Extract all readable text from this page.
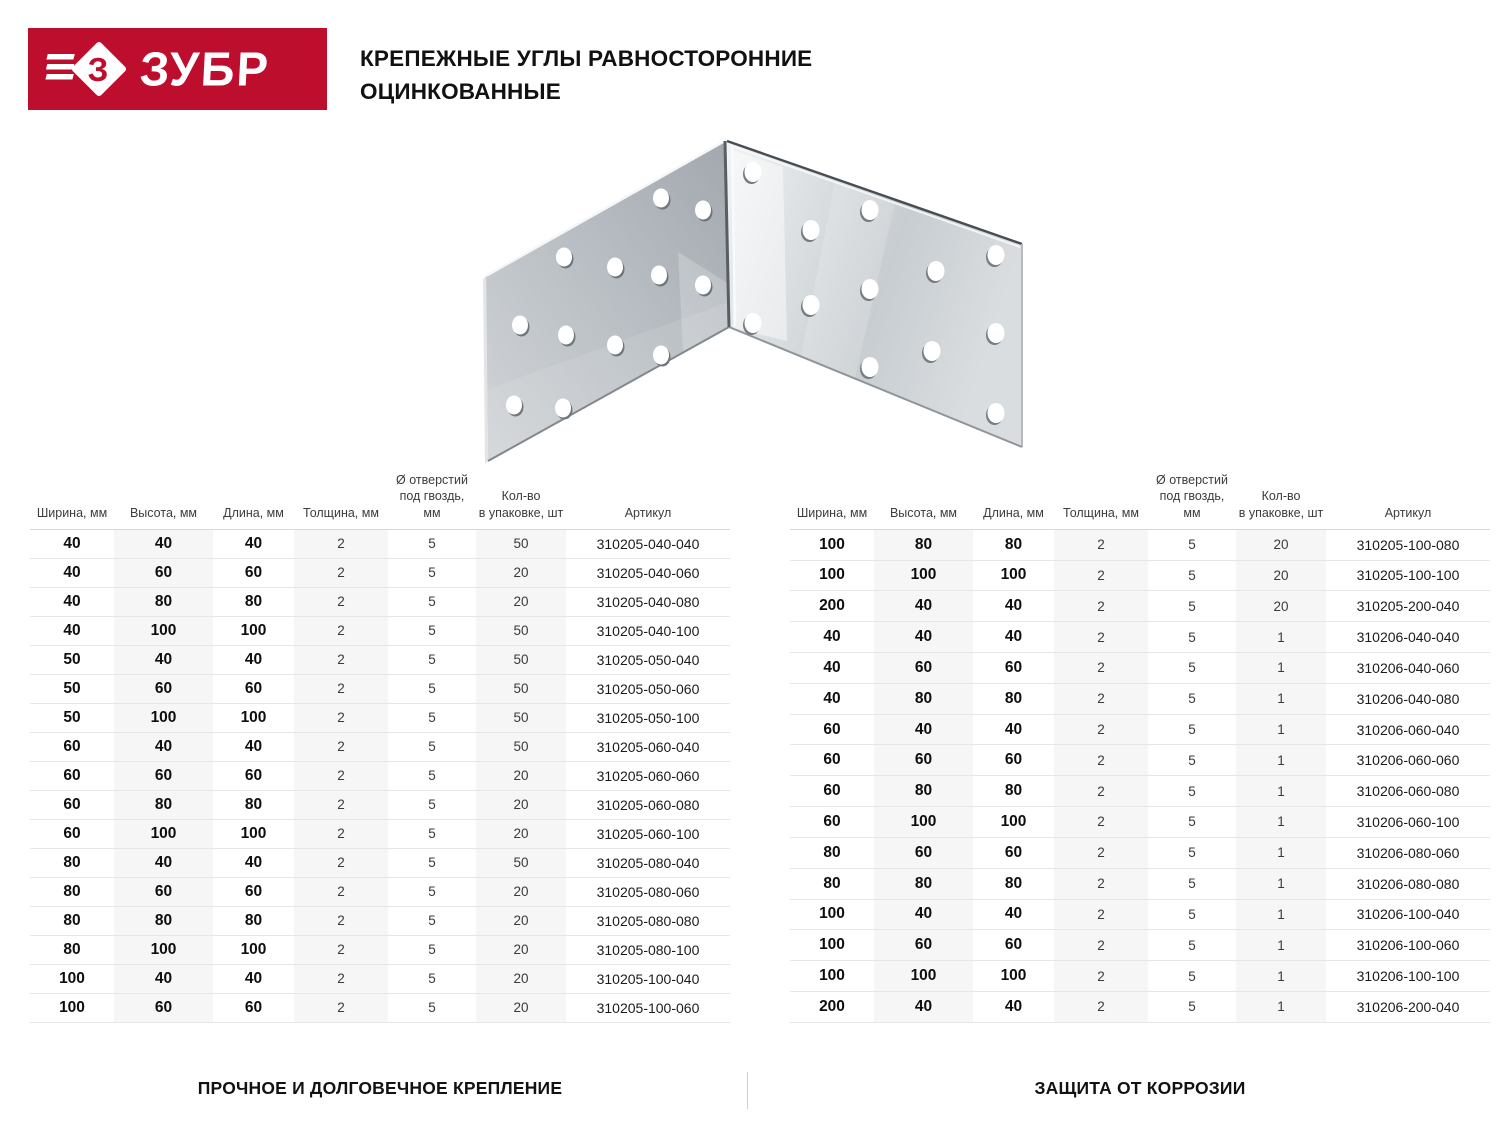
З ЗУБР	КРЕПЕЖНЫЕ УГЛЫ РАВНОСТОРОННИЕ
ОЦИНКОВАННЫЕ
Ширина, мм	Высота, мм	Длина, мм	Толщина, мм

Ø отверстий
под гвоздь, мм

Кол-во
в упаковке, шт	Артикул

40	40	40	2	5	50	310205-040-040
40	60	60	2	5	20	310205-040-060
40	80	80	2	5	20	310205-040-080
40	100	100	2	5	50	310205-040-100
50	40	40	2	5	50	310205-050-040
50	60	60	2	5	50	310205-050-060
50	100	100	2	5	50	310205-050-100
60	40	40	2	5	50	310205-060-040
60	60	60	2	5	20	310205-060-060
60	80	80	2	5	20	310205-060-080
60	100	100	2	5	20	310205-060-100
80	40	40	2	5	50	310205-080-040
80	60	60	2	5	20	310205-080-060
80	80	80	2	5	20	310205-080-080
80	100	100	2	5	20	310205-080-100
100	40	40	2	5	20	310205-100-040
100	60	60	2	5	20	310205-100-060
Ширина, мм	Высота, мм	Длина, мм	Толщина, мм

Ø отверстий
под гвоздь, мм

Кол-во
в упаковке, шт	Артикул

100	80	80	2	5	20	310205-100-080
100	100	100	2	5	20	310205-100-100
200	40	40	2	5	20	310205-200-040
40	40	40	2	5	1	310206-040-040
40	60	60	2	5	1	310206-040-060
40	80	80	2	5	1	310206-040-080
60	40	40	2	5	1	310206-060-040
60	60	60	2	5	1	310206-060-060
60	80	80	2	5	1	310206-060-080
60	100	100	2	5	1	310206-060-100
80	60	60	2	5	1	310206-080-060
80	80	80	2	5	1	310206-080-080
100	40	40	2	5	1	310206-100-040
100	60	60	2	5	1	310206-100-060
100	100	100	2	5	1	310206-100-100
200	40	40	2	5	1	310206-200-040
ПРОЧНОЕ И ДОЛГОВЕЧНОЕ КРЕПЛЕНИЕ	ЗАЩИТА ОТ КОРРОЗИИ
